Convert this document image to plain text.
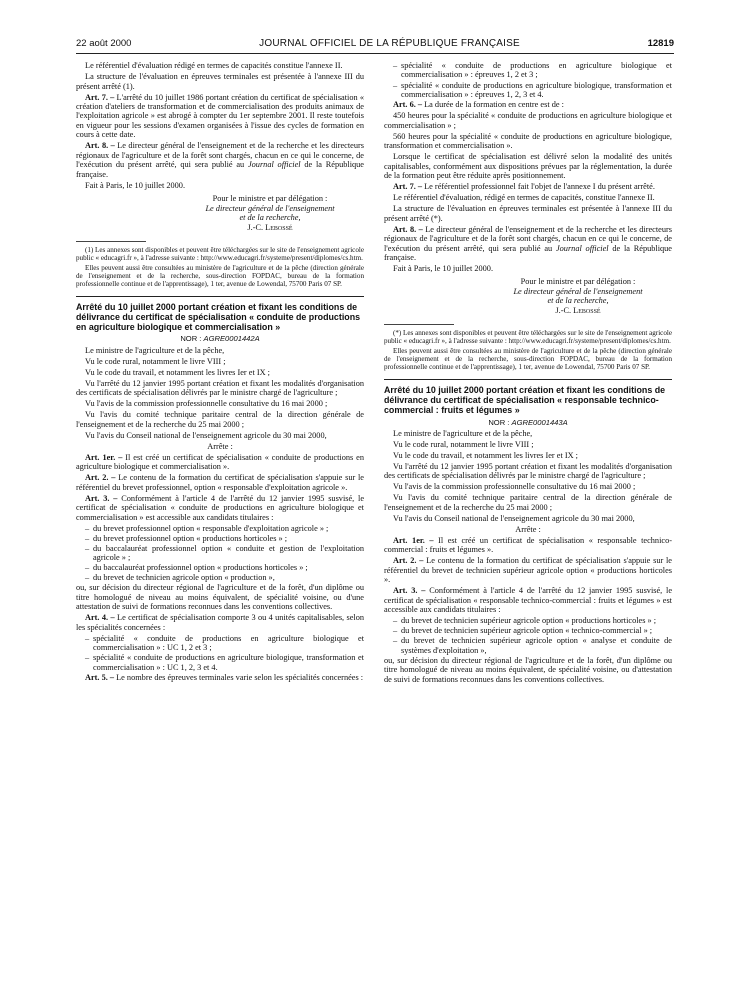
22 août 2000	JOURNAL OFFICIEL DE LA RÉPUBLIQUE FRANÇAISE	12819

Le référentiel d'évaluation rédigé en termes de capacités constitue l'annexe II.

La structure de l'évaluation en épreuves terminales est présentée à l'annexe III du présent arrêté (1).

Art. 7. – L'arrêté du 10 juillet 1986 portant création du certificat de spécialisation « création d'ateliers de transformation et de commercialisation des produits animaux de l'exploitation agricole » est abrogé à compter du 1er septembre 2001. Il reste toutefois en vigueur pour les sessions d'examen organisées à l'issue des cycles de formation en cours à cette date.

Art. 8. – Le directeur général de l'enseignement et de la recherche et les directeurs régionaux de l'agriculture et de la forêt sont chargés, chacun en ce qui le concerne, de l'exécution du présent arrêté, qui sera publié au Journal officiel de la République française.

Fait à Paris, le 10 juillet 2000.

Pour le ministre et par délégation :
Le directeur général de l'enseignement
et de la recherche,
J.-C. Lebossé

(1) Les annexes sont disponibles et peuvent être téléchargées sur le site de l'enseignement agricole public « educagri.fr », à l'adresse suivante : http://www.educagri.fr/systeme/present/diplomes/cs.htm.

Elles peuvent aussi être consultées au ministère de l'agriculture et de la pêche (direction générale de l'enseignement et de la recherche, sous-direction FOPDAC, bureau de la formation professionnelle continue et de l'apprentissage), 1 ter, avenue de Lowendal, 75700 Paris 07 SP.

Arrêté du 10 juillet 2000 portant création et fixant les conditions de délivrance du certificat de spécialisation « conduite de productions en agriculture biologique et commercialisation »

NOR : AGRE0001442A

Le ministre de l'agriculture et de la pêche,

Vu le code rural, notamment le livre VIII ;

Vu le code du travail, et notamment les livres Ier et IX ;

Vu l'arrêté du 12 janvier 1995 portant création et fixant les modalités d'organisation des certificats de spécialisation délivrés par le ministre chargé de l'agriculture ;

Vu l'avis de la commission professionnelle consultative du 16 mai 2000 ;

Vu l'avis du comité technique paritaire central de la direction générale de l'enseignement et de la recherche du 25 mai 2000 ;

Vu l'avis du Conseil national de l'enseignement agricole du 30 mai 2000,

Arrête :

Art. 1er. – Il est créé un certificat de spécialisation « conduite de productions en agriculture biologique et commercialisation ».

Art. 2. – Le contenu de la formation du certificat de spécialisation s'appuie sur le référentiel du brevet professionnel, option « responsable d'exploitation agricole ».

Art. 3. – Conformément à l'article 4 de l'arrêté du 12 janvier 1995 susvisé, le certificat de spécialisation « conduite de productions en agriculture biologique et commercialisation » est accessible aux candidats titulaires :

– du brevet professionnel option « responsable d'exploitation agricole » ;
– du brevet professionnel option « productions horticoles » ;
– du baccalauréat professionnel option « conduite et gestion de l'exploitation agricole » ;
– du baccalauréat professionnel option « productions horticoles » ;
– du brevet de technicien agricole option « production »,

ou, sur décision du directeur régional de l'agriculture et de la forêt, d'un diplôme ou titre homologué de niveau au moins équivalent, de spécialité voisine, ou d'une attestation de suivi de formations reconnues dans les conventions collectives.

Art. 4. – Le certificat de spécialisation comporte 3 ou 4 unités capitalisables, selon les spécialités concernées :

– spécialité « conduite de productions en agriculture biologique et commercialisation » : UC 1, 2 et 3 ;
– spécialité « conduite de productions en agriculture biologique, transformation et commercialisation » : UC 1, 2, 3 et 4.

Art. 5. – Le nombre des épreuves terminales varie selon les spécialités concernées :

– spécialité « conduite de productions en agriculture biologique et commercialisation » : épreuves 1, 2 et 3 ;
– spécialité « conduite de productions en agriculture biologique, transformation et commercialisation » : épreuves 1, 2, 3 et 4.

Art. 6. – La durée de la formation en centre est de :

450 heures pour la spécialité « conduite de productions en agriculture biologique et commercialisation » ;

560 heures pour la spécialité « conduite de productions en agriculture biologique, transformation et commercialisation ».

Lorsque le certificat de spécialisation est délivré selon la modalité des unités capitalisables, conformément aux dispositions prévues par la réglementation, la durée de la formation peut être réduite après positionnement.

Art. 7. – Le référentiel professionnel fait l'objet de l'annexe I du présent arrêté.

Le référentiel d'évaluation, rédigé en termes de capacités, constitue l'annexe II.

La structure de l'évaluation en épreuves terminales est présentée à l'annexe III du présent arrêté (*).

Art. 8. – Le directeur général de l'enseignement et de la recherche et les directeurs régionaux de l'agriculture et de la forêt sont chargés, chacun en ce qui le concerne, de l'exécution du présent arrêté, qui sera publié au Journal officiel de la République française.

Fait à Paris, le 10 juillet 2000.

Pour le ministre et par délégation :
Le directeur général de l'enseignement
et de la recherche,
J.-C. Lebossé

(*) Les annexes sont disponibles et peuvent être téléchargées sur le site de l'enseignement agricole public « educagri.fr », à l'adresse suivante : http://www.educagri.fr/systeme/present/diplomes/cs.htm.

Elles peuvent aussi être consultées au ministère de l'agriculture et de la pêche (direction générale de l'enseignement et de la recherche, sous-direction FOPDAC, bureau de la formation professionnelle continue et de l'apprentissage), 1 ter, avenue de Lowendal, 75700 Paris 07 SP.

Arrêté du 10 juillet 2000 portant création et fixant les conditions de délivrance du certificat de spécialisation « responsable technico-commercial : fruits et légumes »

NOR : AGRE0001443A

Le ministre de l'agriculture et de la pêche,

Vu le code rural, notamment le livre VIII ;

Vu le code du travail, et notamment les livres Ier et IX ;

Vu l'arrêté du 12 janvier 1995 portant création et fixant les modalités d'organisation des certificats de spécialisation délivrés par le ministre chargé de l'agriculture ;

Vu l'avis de la commission professionnelle consultative du 16 mai 2000 ;

Vu l'avis du comité technique paritaire central de la direction générale de l'enseignement et de la recherche du 25 mai 2000 ;

Vu l'avis du Conseil national de l'enseignement agricole du 30 mai 2000,

Arrête :

Art. 1er. – Il est créé un certificat de spécialisation « responsable technico-commercial : fruits et légumes ».

Art. 2. – Le contenu de la formation du certificat de spécialisation s'appuie sur le référentiel du brevet de technicien supérieur agricole option « productions horticoles ».

Art. 3. – Conformément à l'article 4 de l'arrêté du 12 janvier 1995 susvisé, le certificat de spécialisation « responsable technico-commercial : fruits et légumes » est accessible aux candidats titulaires :

– du brevet de technicien supérieur agricole option « productions horticoles » ;
– du brevet de technicien supérieur agricole option « technico-commercial » ;
– du brevet de technicien supérieur agricole option « analyse et conduite de systèmes d'exploitation »,

ou, sur décision du directeur régional de l'agriculture et de la forêt, d'un diplôme ou titre homologué de niveau au moins équivalent, de spécialité voisine, ou d'attestation de suivi de formations reconnues dans les conventions collectives.
